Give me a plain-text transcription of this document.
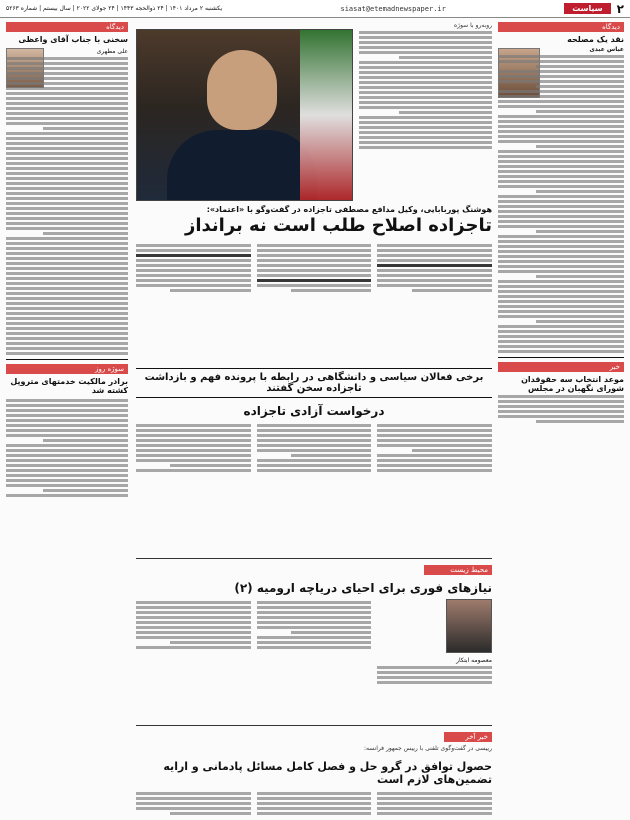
۲
سیاست
siasat@etemadnewspaper.ir
یکشنبه ۲ مرداد ۱۴۰۱ | ۲۴ ذوالحجه ۱۴۴۳ | ۲۴ جولای ۲۰۲۲ | سال بیستم | شماره ۵۲۶۳
دیدگاه
نقد یک مصلحه
عباس عبدی
خبر
موعد انتخاب سه حقوقدان شورای نگهبان در مجلس
روبه‌رو با سوژه
هوشنگ پوربابایی، وکیل مدافع مصطفی تاجزاده در گفت‌وگو با «اعتماد»:
تاجزاده اصلاح طلب است نه برانداز
برخی فعالان سیاسی و دانشگاهی در رابطه با پرونده فهم و بازداشت تاجزاده سخن گفتند
درخواست آزادی تاجزاده
محیط زیست
نیازهای فوری برای احیای دریاچه ارومیه (۲)
معصومه ابتکار
خبر آخر
رییسی در گفت‌وگوی تلفنی با رییس جمهور فرانسه:
حصول توافق در گرو حل و فصل کامل مسائل پادمانی و ارایه تضمین‌های لازم است
دیدگاه
سخنی با جناب آقای واعظی
علی مطهری
سوژه روز
برادر مالکیت خدمتهای متروپل کشته شد
